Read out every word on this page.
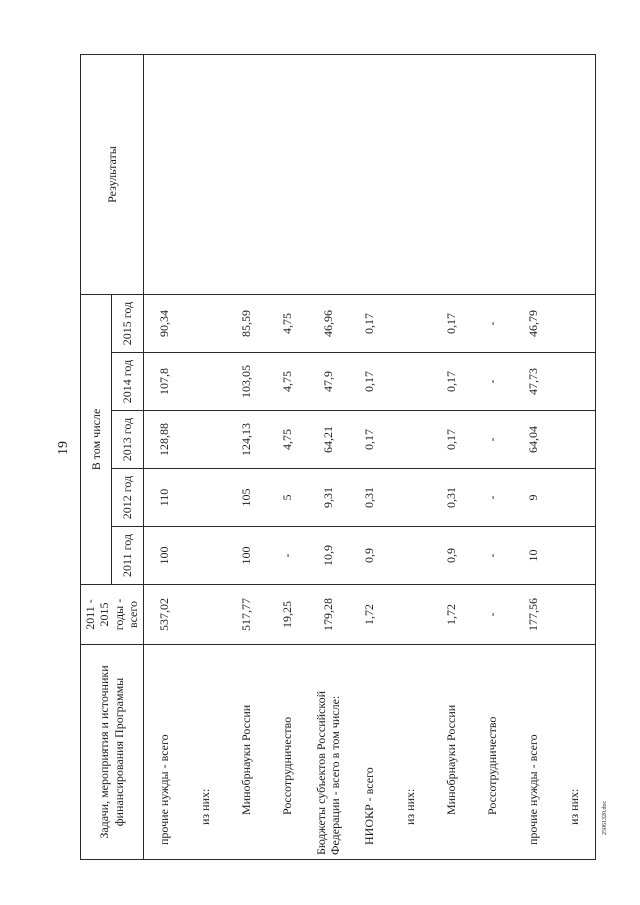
19
Задачи, мероприятия и источники финансирования Программы	2011 - 2015 годы - всего	В том числе					Результаты
		2011 год	2012 год	2013 год	2014 год	2015 год	
прочие нужды - всего	537,02	100	110	128,88	107,8	90,34	
из них:							
Минобрнауки России	517,77	100	105	124,13	103,05	85,59	
Роcсотрудничество	19,25	-	5	4,75	4,75	4,75	
Бюджеты субъектов Российской Федерации - всего в том числе:	179,28	10,9	9,31	64,21	47,9	46,96	
НИОКР - всего	1,72	0,9	0,31	0,17	0,17	0,17	
из них:							
Минобрнауки России	1,72	0,9	0,31	0,17	0,17	0,17	
Россотрудничество	-	-	-	-	-	-	
прочие нужды - всего	177,56	10	9	64,04	47,73	46,79	
из них:								25061320.doc
